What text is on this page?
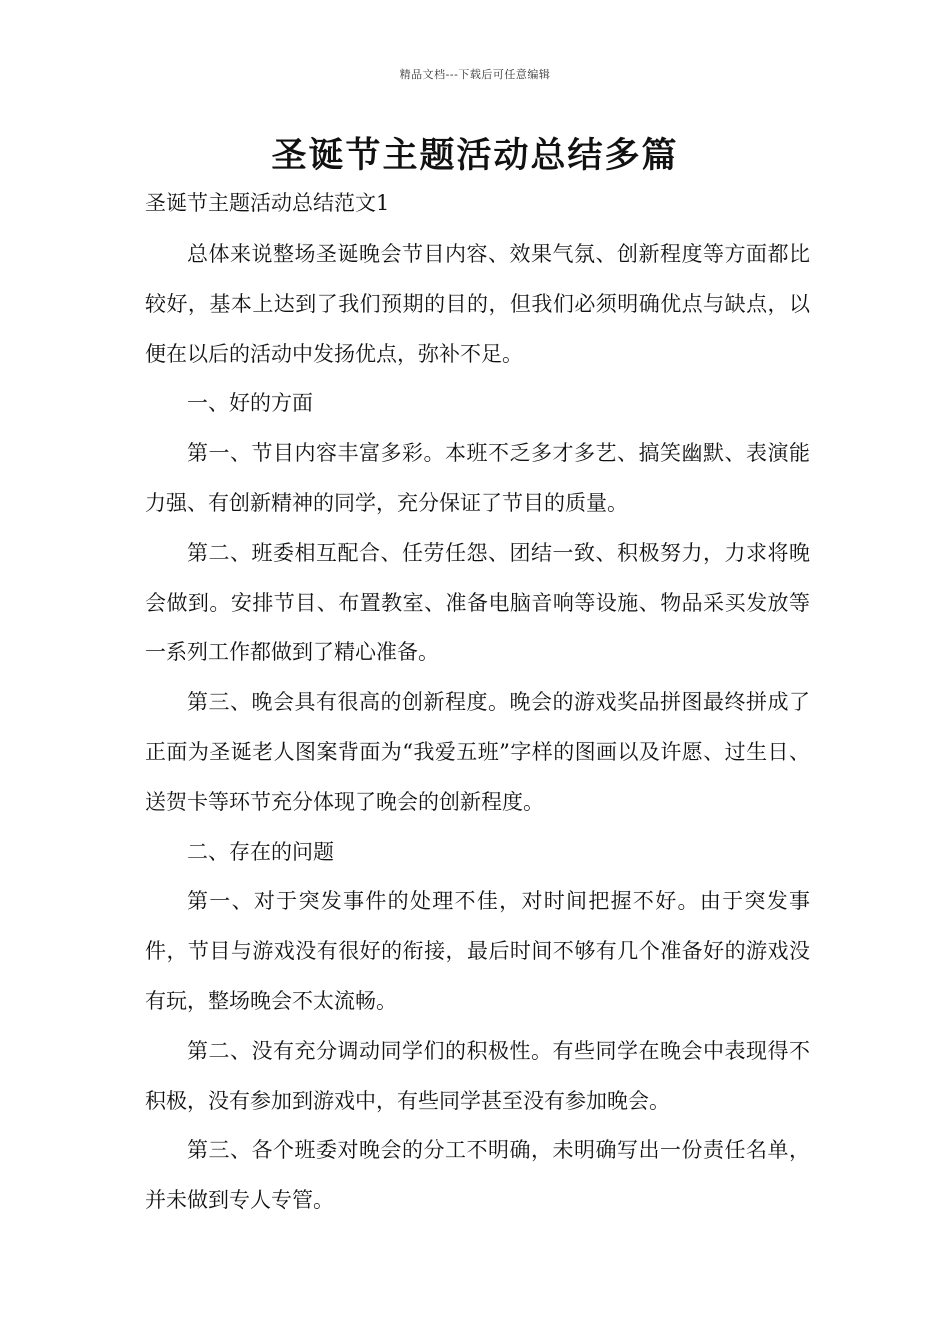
精品文档---下载后可任意编辑
圣诞节主题活动总结多篇
圣诞节主题活动总结范文1

总体来说整场圣诞晚会节目内容、效果气氛、创新程度等方面都比较好，基本上达到了我们预期的目的，但我们必须明确优点与缺点，以便在以后的活动中发扬优点，弥补不足。

一、好的方面

第一、节目内容丰富多彩。本班不乏多才多艺、搞笑幽默、表演能力强、有创新精神的同学，充分保证了节目的质量。

第二、班委相互配合、任劳任怨、团结一致、积极努力，力求将晚会做到。安排节目、布置教室、准备电脑音响等设施、物品采买发放等一系列工作都做到了精心准备。

第三、晚会具有很高的创新程度。晚会的游戏奖品拼图最终拼成了正面为圣诞老人图案背面为“我爱五班”字样的图画以及许愿、过生日、送贺卡等环节充分体现了晚会的创新程度。

二、存在的问题

第一、对于突发事件的处理不佳，对时间把握不好。由于突发事件，节目与游戏没有很好的衔接，最后时间不够有几个准备好的游戏没有玩，整场晚会不太流畅。

第二、没有充分调动同学们的积极性。有些同学在晚会中表现得不积极，没有参加到游戏中，有些同学甚至没有参加晚会。

第三、各个班委对晚会的分工不明确，未明确写出一份责任名单，并未做到专人专管。
